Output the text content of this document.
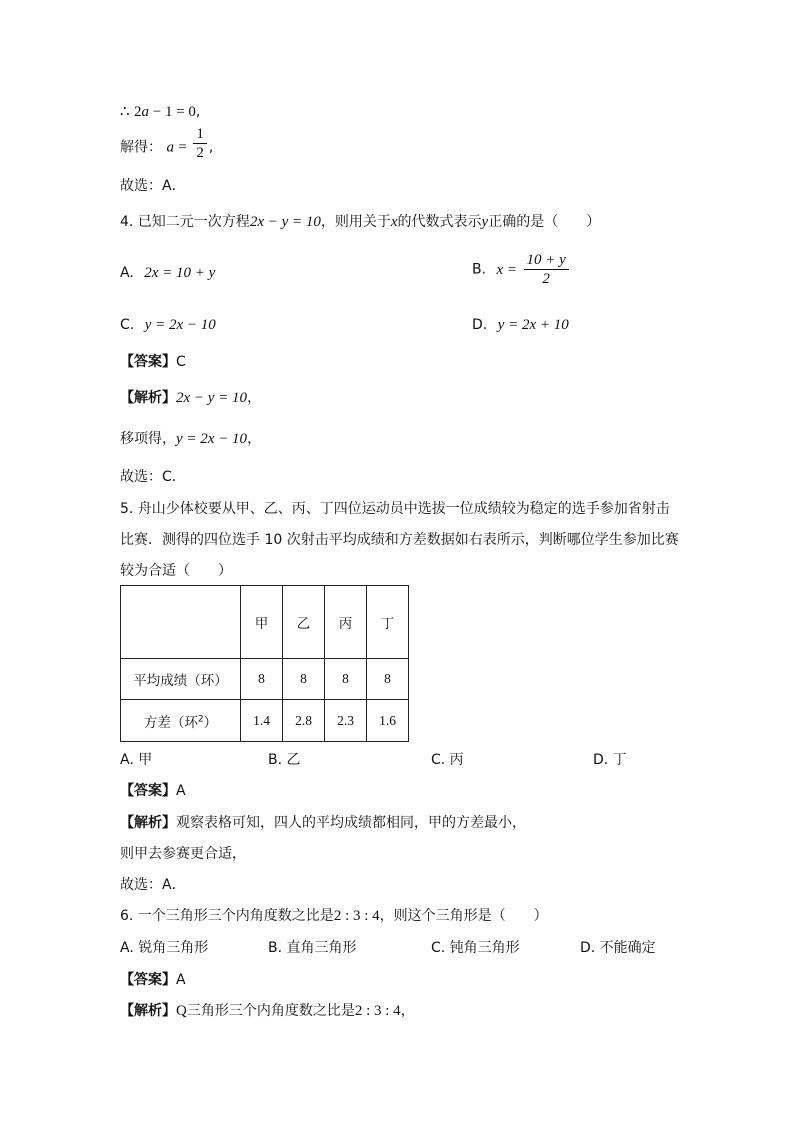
∴ 2a − 1 = 0,
解得： $a = \frac{1}{2}$ ,
故选：A．
4. 已知二元一次方程2x − y = 10，则用关于x的代数式表示y正确的是（　　）
A. 2x = 10 + y	B. $x = \frac{10 + y}{2}$
C. y = 2x − 10	D. y = 2x + 10
【答案】C
【解析】2x − y = 10，
移项得，y = 2x − 10，
故选：C．
5. 舟山少体校要从甲、乙、丙、丁四位运动员中选拔一位成绩较为稳定的选手参加省射击
比赛．测得的四位选手 10 次射击平均成绩和方差数据如右表所示，判断哪位学生参加比赛
较为合适（　　）
	甲	乙	丙	丁
平均成绩（环）	8	8	8	8
方差（环$^2$）	1.4	2.8	2.3	1.6
A. 甲	B. 乙	C. 丙	D. 丁
【答案】A
【解析】观察表格可知，四人的平均成绩都相同，甲的方差最小，
则甲去参赛更合适，
故选：A．
6. 一个三角形三个内角度数之比是2 : 3 : 4，则这个三角形是（　　）
A. 锐角三角形	B. 直角三角形	C. 钝角三角形	D. 不能确定
【答案】A
【解析】Q三角形三个内角度数之比是2 : 3 : 4，
